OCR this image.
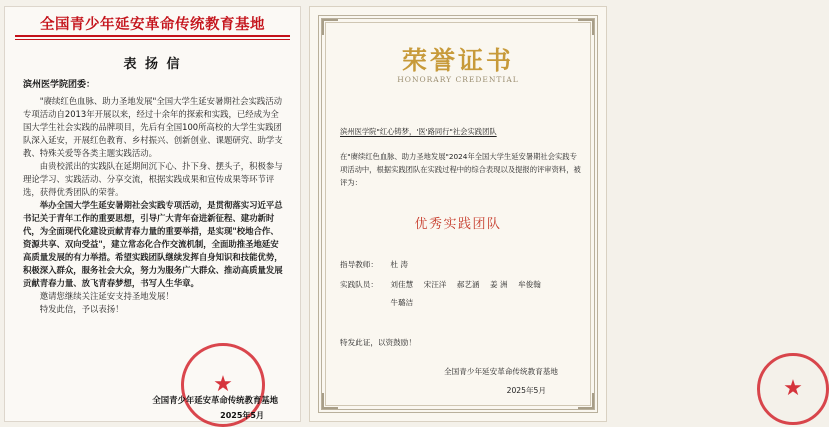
全国青少年延安革命传统教育基地
表 扬 信
滨州医学院团委：

"赓续红色血脉、助力圣地发展"全国大学生延安暑期社会实践活动专项活动自2013年开展以来，经过十余年的探索和实践，已经成为全国大学生社会实践的品牌项目，先后有全国100所高校的大学生实践团队深入延安，开展红色教育、乡村振兴、创新创业、课题研究、助学支教、特殊关爱等各类主题实践活动。

由贵校派出的实践队在延期间沉下心、扑下身、摆头子，积极参与理论学习、实践活动、分享交流，根据实践成果和宣传成果等环节评选，获得优秀团队的荣誉。

举办全国大学生延安暑期社会实践专项活动，是贯彻落实习近平总书记关于青年工作的重要思想，引导广大青年奋进新征程、建功新时代，为全面现代化建设贡献青春力量的重要举措，是实现"校地合作、资源共享、双向受益"，建立常态化合作交流机制，全面助推圣地延安高质量发展的有力举措。希望实践团队继续发挥自身知识和技能优势，积极深入群众，服务社会大众，努力为服务广大群众、推动高质量发展贡献青春力量、放飞青春梦想，书写人生华章。

邀请您继续关注延安支持圣地发展！

特发此信，予以表扬！

★
全国青少年延安革命传统教育基地
2025年5月
荣誉证书
HONORARY CREDENTIAL
滨州医学院"红心铸梦，'医'路同行"社会实践团队
在"赓续红色血脉、助力圣地发展"2024年全国大学生延安暑期社会实践专项活动中，根据实践团队在实践过程中的综合表现以及提报的评审资料，被评为：
优秀实践团队
指导教师： 杜 涛
实践队员： 刘佳慧 宋汪洋 郝艺涵 姜 洲 牟俊翰
牛璐洁
特发此证，以资鼓励！
★
全国青少年延安革命传统教育基地
2025年5月
